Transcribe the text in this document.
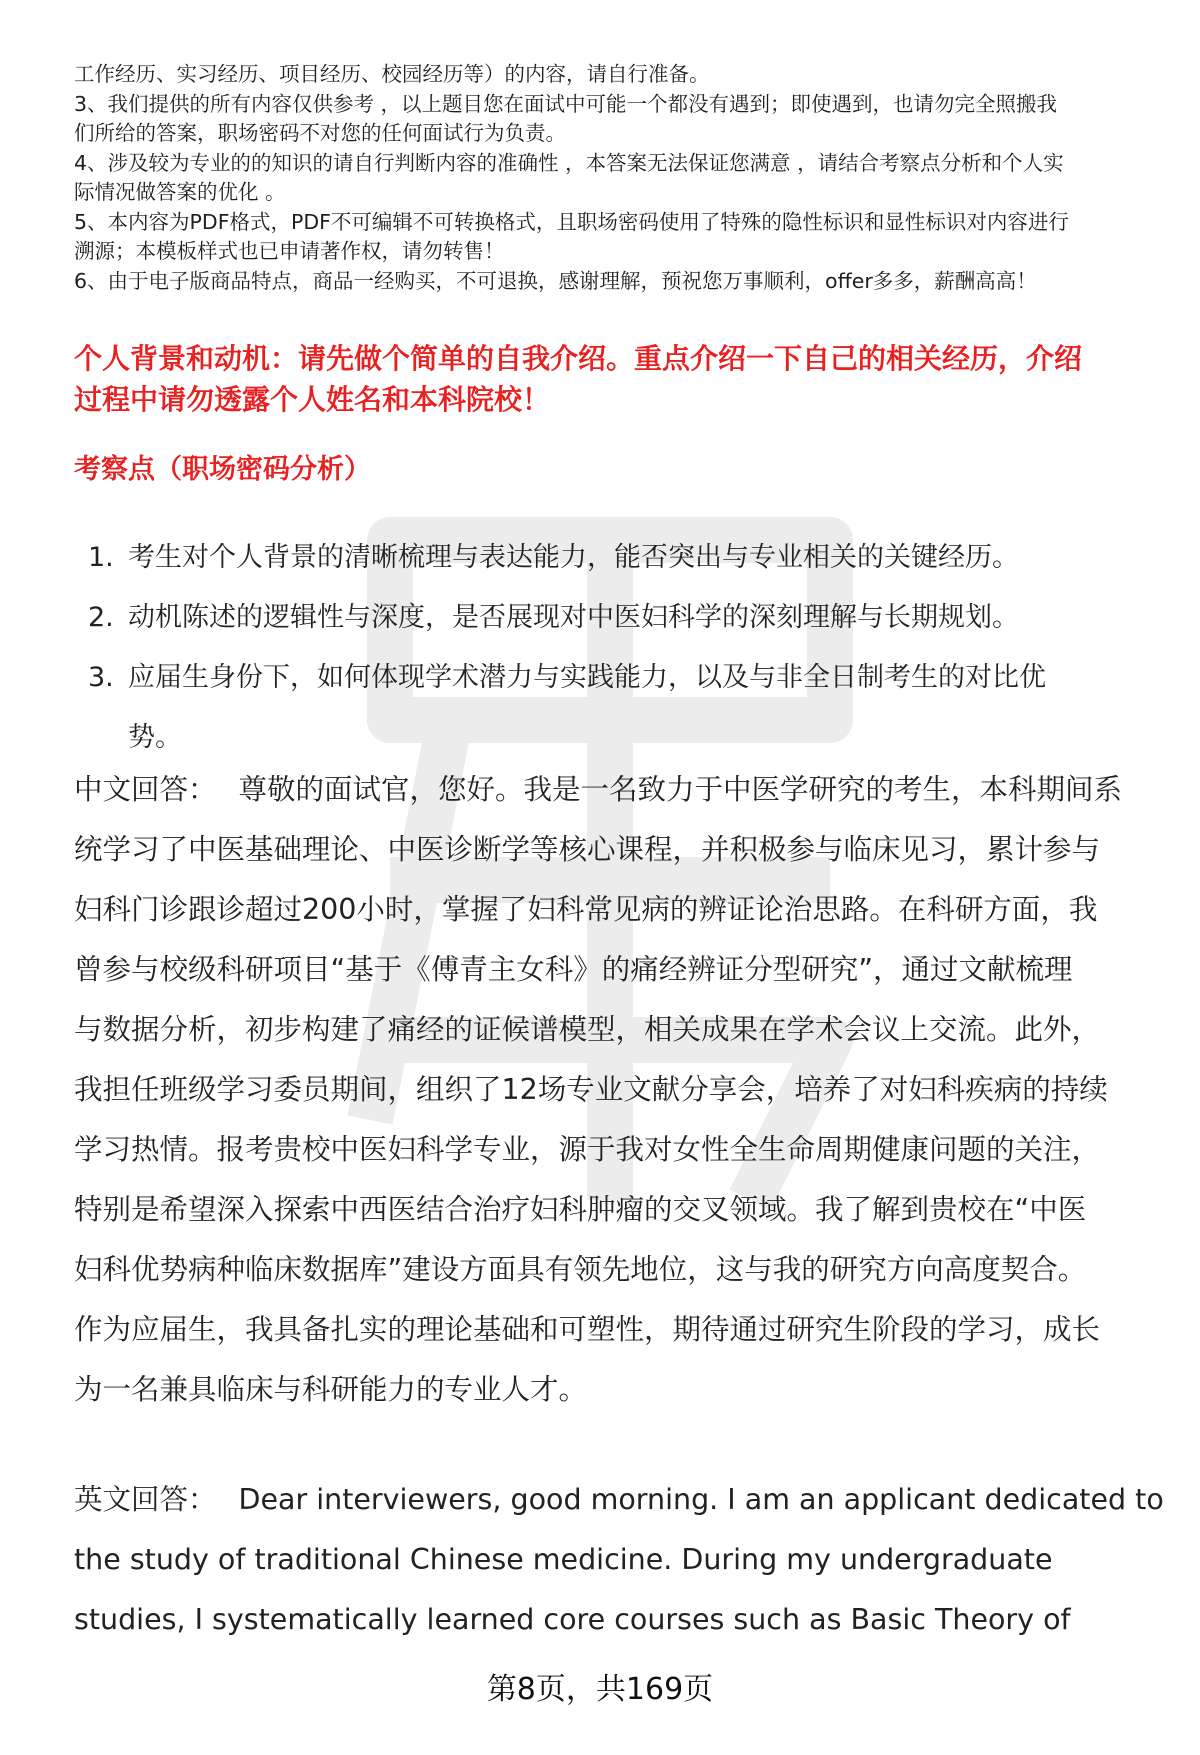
工作经历、实习经历、项目经历、校园经历等）的内容，请自行准备。

3、我们提供的所有内容仅供参考 ，以上题目您在面试中可能一个都没有遇到；即使遇到，也请勿完全照搬我

们所给的答案，职场密码不对您的任何面试行为负责。

4、涉及较为专业的的知识的请自行判断内容的准确性 ，本答案无法保证您满意 ，请结合考察点分析和个人实

际情况做答案的优化 。

5、本内容为PDF格式，PDF不可编辑不可转换格式，且职场密码使用了特殊的隐性标识和显性标识对内容进行

溯源；本模板样式也已申请著作权，请勿转售！

6、由于电子版商品特点，商品一经购买，不可退换，感谢理解，预祝您万事顺利，offer多多，薪酬高高！

个人背景和动机：请先做个简单的自我介绍。重点介绍一下自己的相关经历，介绍
过程中请勿透露个人姓名和本科院校！
考察点（职场密码分析）
1. 考生对个人背景的清晰梳理与表达能力，能否突出与专业相关的关键经历。
2. 动机陈述的逻辑性与深度，是否展现对中医妇科学的深刻理解与长期规划。
3. 应届生身份下，如何体现学术潜力与实践能力，以及与非全日制考生的对比优
势。

中文回答： 尊敬的面试官，您好。我是一名致力于中医学研究的考生，本科期间系

统学习了中医基础理论、中医诊断学等核心课程，并积极参与临床见习，累计参与

妇科门诊跟诊超过200小时，掌握了妇科常见病的辨证论治思路。在科研方面，我

曾参与校级科研项目“基于《傅青主女科》的痛经辨证分型研究”，通过文献梳理

与数据分析，初步构建了痛经的证候谱模型，相关成果在学术会议上交流。此外，

我担任班级学习委员期间，组织了12场专业文献分享会，培养了对妇科疾病的持续

学习热情。报考贵校中医妇科学专业，源于我对女性全生命周期健康问题的关注，

特别是希望深入探索中西医结合治疗妇科肿瘤的交叉领域。我了解到贵校在“中医

妇科优势病种临床数据库”建设方面具有领先地位，这与我的研究方向高度契合。

作为应届生，我具备扎实的理论基础和可塑性，期待通过研究生阶段的学习，成长

为一名兼具临床与科研能力的专业人才。

英文回答： Dear interviewers, good morning. I am an applicant dedicated to

the study of traditional Chinese medicine. During my undergraduate

studies, I systematically learned core courses such as Basic Theory of

第8页，共169页
